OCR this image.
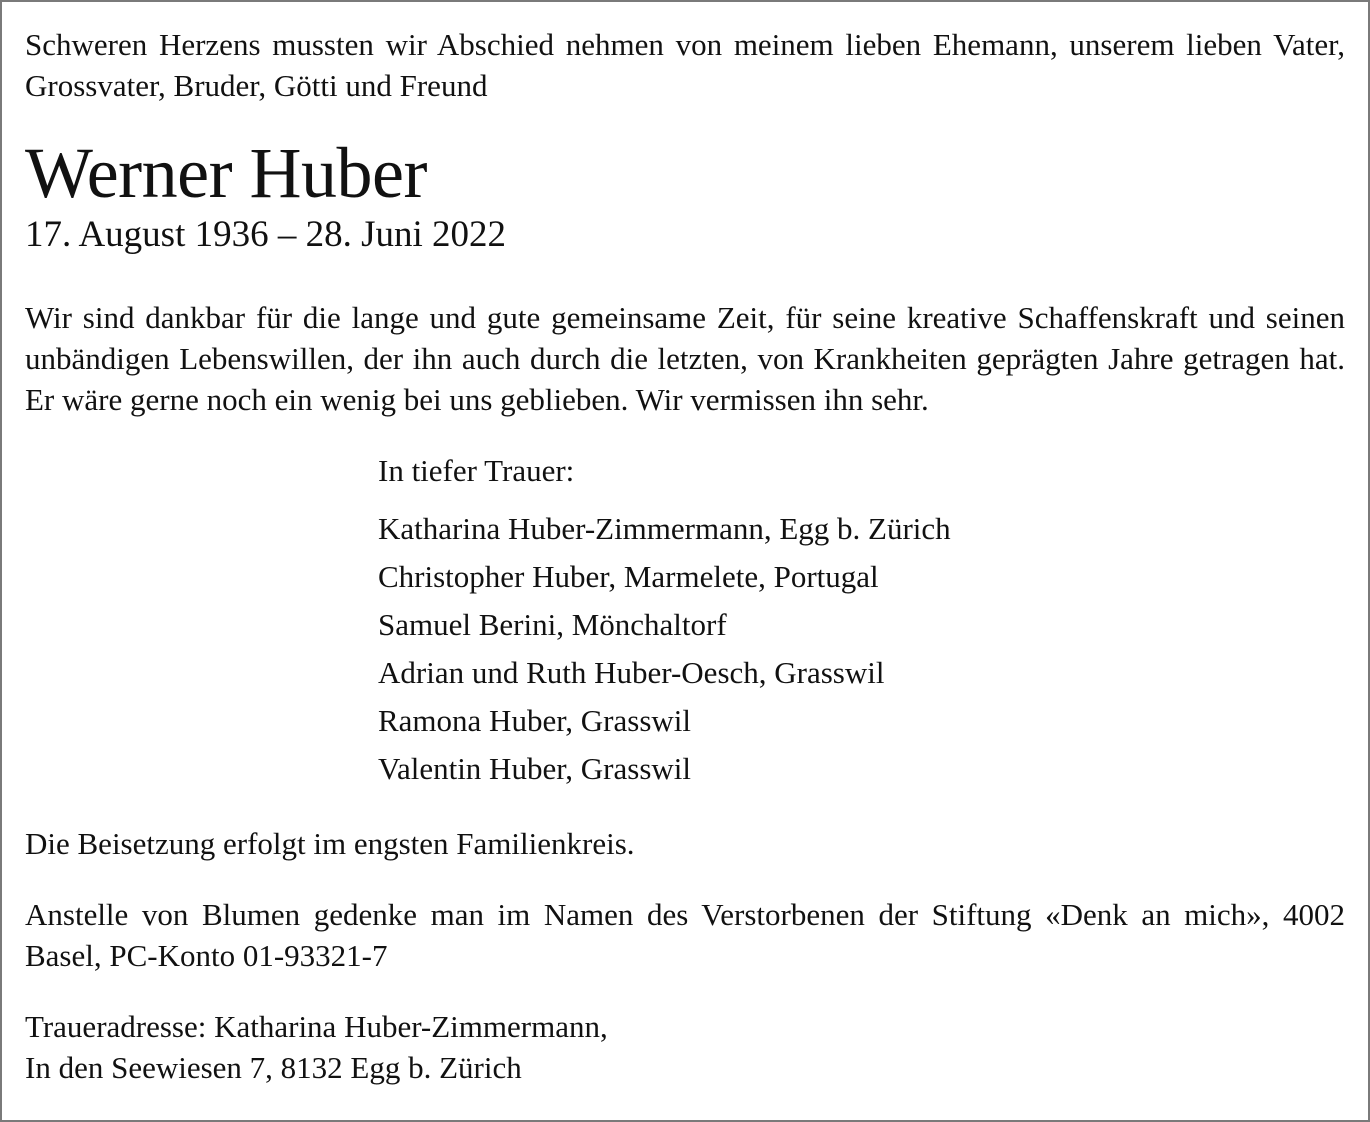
Schweren Herzens mussten wir Abschied nehmen von meinem lieben Ehemann, unserem lieben Vater, Grossvater, Bruder, Götti und Freund

Werner Huber

17. August 1936 – 28. Juni 2022

Wir sind dankbar für die lange und gute gemeinsame Zeit, für seine kreative Schaffenskraft und seinen unbändigen Lebenswillen, der ihn auch durch die letzten, von Krankheiten geprägten Jahre getragen hat. Er wäre gerne noch ein wenig bei uns geblieben. Wir vermissen ihn sehr.

In tiefer Trauer:

Katharina Huber-Zimmermann, Egg b. Zürich

Christopher Huber, Marmelete, Portugal

Samuel Berini, Mönchaltorf

Adrian und Ruth Huber-Oesch, Grasswil

Ramona Huber, Grasswil

Valentin Huber, Grasswil

Die Beisetzung erfolgt im engsten Familienkreis.

Anstelle von Blumen gedenke man im Namen des Verstorbenen der Stiftung «Denk an mich», 4002 Basel, PC-Konto 01-93321-7

Traueradresse: Katharina Huber-Zimmermann,

In den Seewiesen 7, 8132 Egg b. Zürich
